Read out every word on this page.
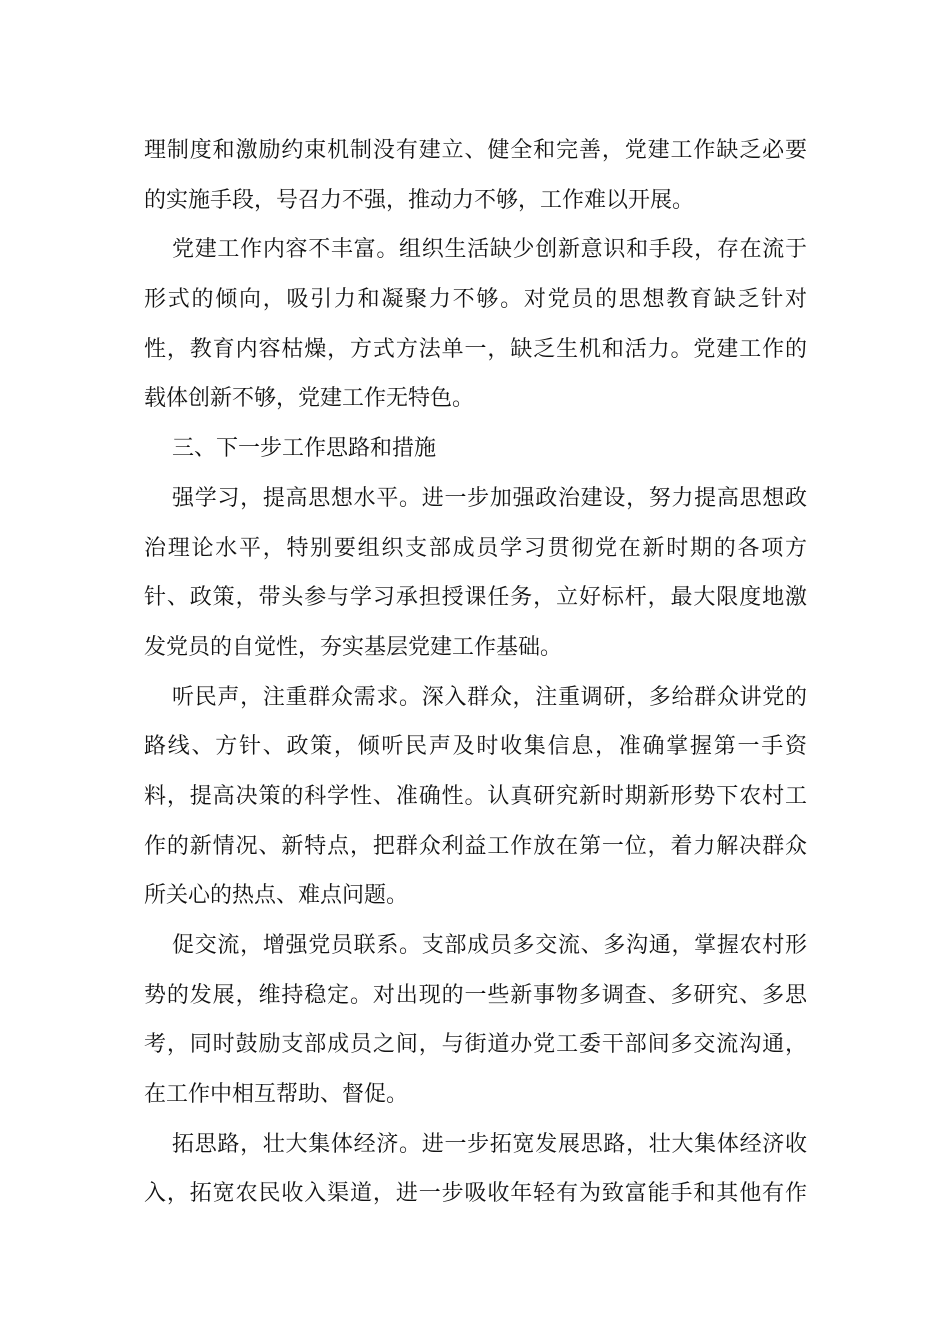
理制度和激励约束机制没有建立、健全和完善，党建工作缺乏必要
的实施手段，号召力不强，推动力不够，工作难以开展。
党建工作内容不丰富。组织生活缺少创新意识和手段，存在流于
形式的倾向，吸引力和凝聚力不够。对党员的思想教育缺乏针对
性，教育内容枯燥，方式方法单一，缺乏生机和活力。党建工作的
载体创新不够，党建工作无特色。
三、下一步工作思路和措施
强学习，提高思想水平。进一步加强政治建设，努力提高思想政
治理论水平，特别要组织支部成员学习贯彻党在新时期的各项方
针、政策，带头参与学习承担授课任务，立好标杆，最大限度地激
发党员的自觉性，夯实基层党建工作基础。
听民声，注重群众需求。深入群众，注重调研，多给群众讲党的
路线、方针、政策，倾听民声及时收集信息，准确掌握第一手资
料，提高决策的科学性、准确性。认真研究新时期新形势下农村工
作的新情况、新特点，把群众利益工作放在第一位，着力解决群众
所关心的热点、难点问题。
促交流，增强党员联系。支部成员多交流、多沟通，掌握农村形
势的发展，维持稳定。对出现的一些新事物多调查、多研究、多思
考，同时鼓励支部成员之间，与街道办党工委干部间多交流沟通，
在工作中相互帮助、督促。
拓思路，壮大集体经济。进一步拓宽发展思路，壮大集体经济收
入，拓宽农民收入渠道，进一步吸收年轻有为致富能手和其他有作
